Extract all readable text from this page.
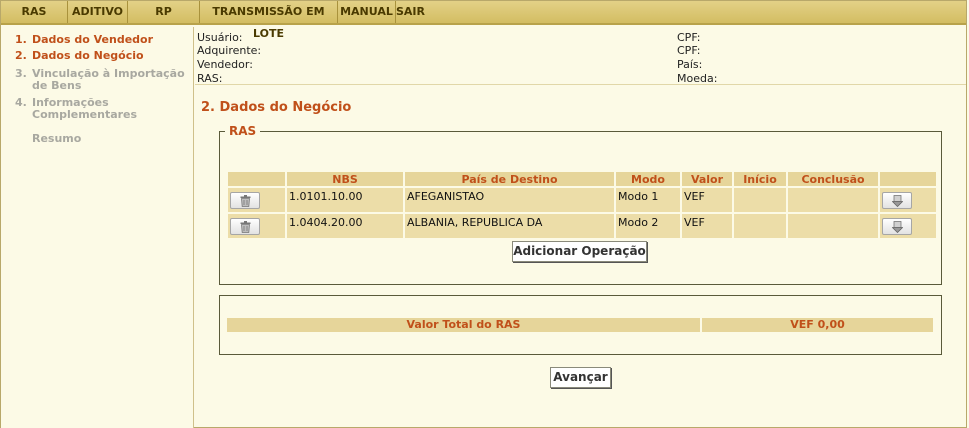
RAS	ADITIVO	RP	TRANSMISSÃO EM LOTE
MANUAL SAIR
1. Dados do Vendedor
2. Dados do Negócio
3. Vinculação à Importação
de Bens
4. Informações
Complementares
Resumo
Usuário:
Adquirente:
Vendedor:
RAS:
CPF:
CPF:
País:
Moeda:
2. Dados do Negócio
RAS
	NBS	País de Destino	Modo	Valor	Início	Conclusão	

	1.0101.10.00	AFEGANISTAO	Modo 1	VEF			

	1.0404.20.00	ALBANIA, REPUBLICA DA	Modo 2	VEF			
Adicionar Operação
Valor Total do RAS	VEF 0,00
Avançar
